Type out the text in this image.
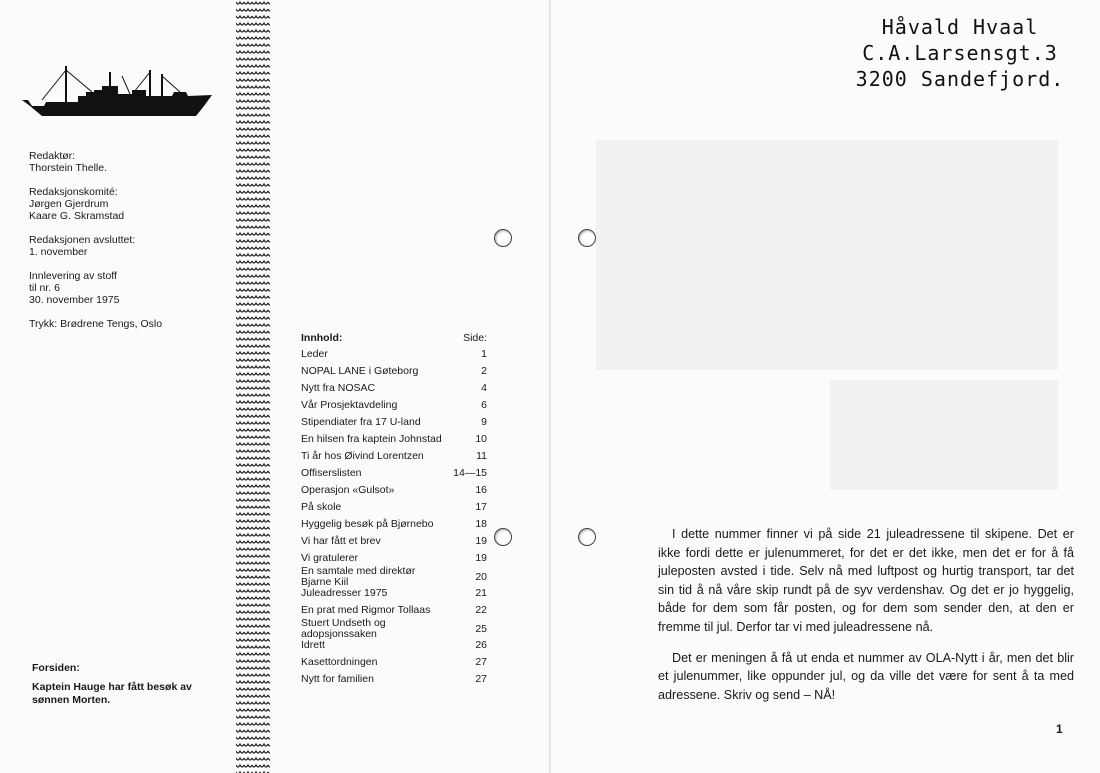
Redaktør:
Thorstein Thelle.
Redaksjonskomité:
Jørgen Gjerdrum
Kaare G. Skramstad
Redaksjonen avsluttet:
1. november
Innlevering av stoff
til nr. 6
30. november 1975
Trykk: Brødrene Tengs, Oslo
Innhold:	Side:
Leder	1
NOPAL LANE i Gøteborg	2
Nytt fra NOSAC	4
Vår Prosjektavdeling	6
Stipendiater fra 17 U-land	9
En hilsen fra kaptein Johnstad	10
Ti år hos Øivind Lorentzen	11
Offiserslisten	14—15
Operasjon «Gulsot»	16
På skole	17
Hyggelig besøk på Bjørnebo	18
Vi har fått et brev	19
Vi gratulerer	19
En samtale med direktør
Bjarne Kiil	20
Juleadresser 1975	21
En prat med Rigmor Tollaas	22
Stuert Undseth og
adopsjonssaken	25
Idrett	26
Kasettordningen	27
Nytt for familien	27
Forsiden:
Kaptein Hauge har fått besøk av
sønnen Morten.
Håvald Hvaal
C.A.Larsensgt.3
3200 Sandefjord.

I dette nummer finner vi på side 21 juleadressene til skipene. Det er ikke fordi dette er julenummeret, for det er det ikke, men det er for å få juleposten avsted i tide. Selv nå med luftpost og hurtig transport, tar det sin tid å nå våre skip rundt på de syv verdenshav. Og det er jo hyggelig, både for dem som får posten, og for dem som sender den, at den er fremme til jul. Derfor tar vi med juleadressene nå.

Det er meningen å få ut enda et nummer av OLA-Nytt i år, men det blir et julenummer, like oppunder jul, og da ville det være for sent å ta med adressene. Skriv og send – NÅ!

1
